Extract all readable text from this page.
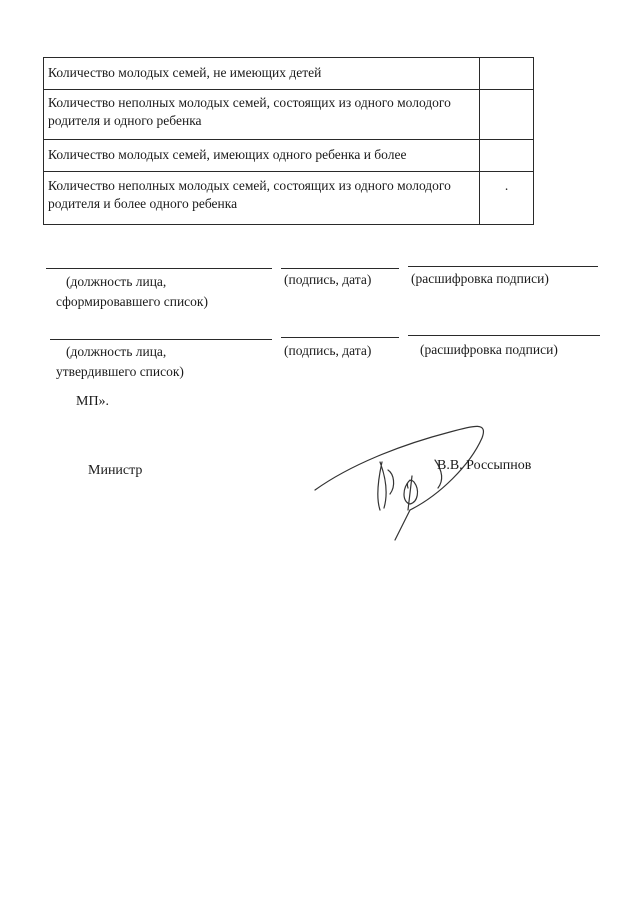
Количество молодых семей, не имеющих детей	
Количество неполных молодых семей, состоящих из одного молодого родителя и одного ребенка	
Количество молодых семей, имеющих одного ребенка и более	
Количество неполных молодых семей, состоящих из одного молодого родителя и более одного ребенка	.
(должность лица,
сформировавшего список)
(подпись, дата)	(расшифровка подписи)
(должность лица,
утвердившего список)
(подпись, дата)	(расшифровка подписи)
МП».
Министр	В.В. Россыпнов
